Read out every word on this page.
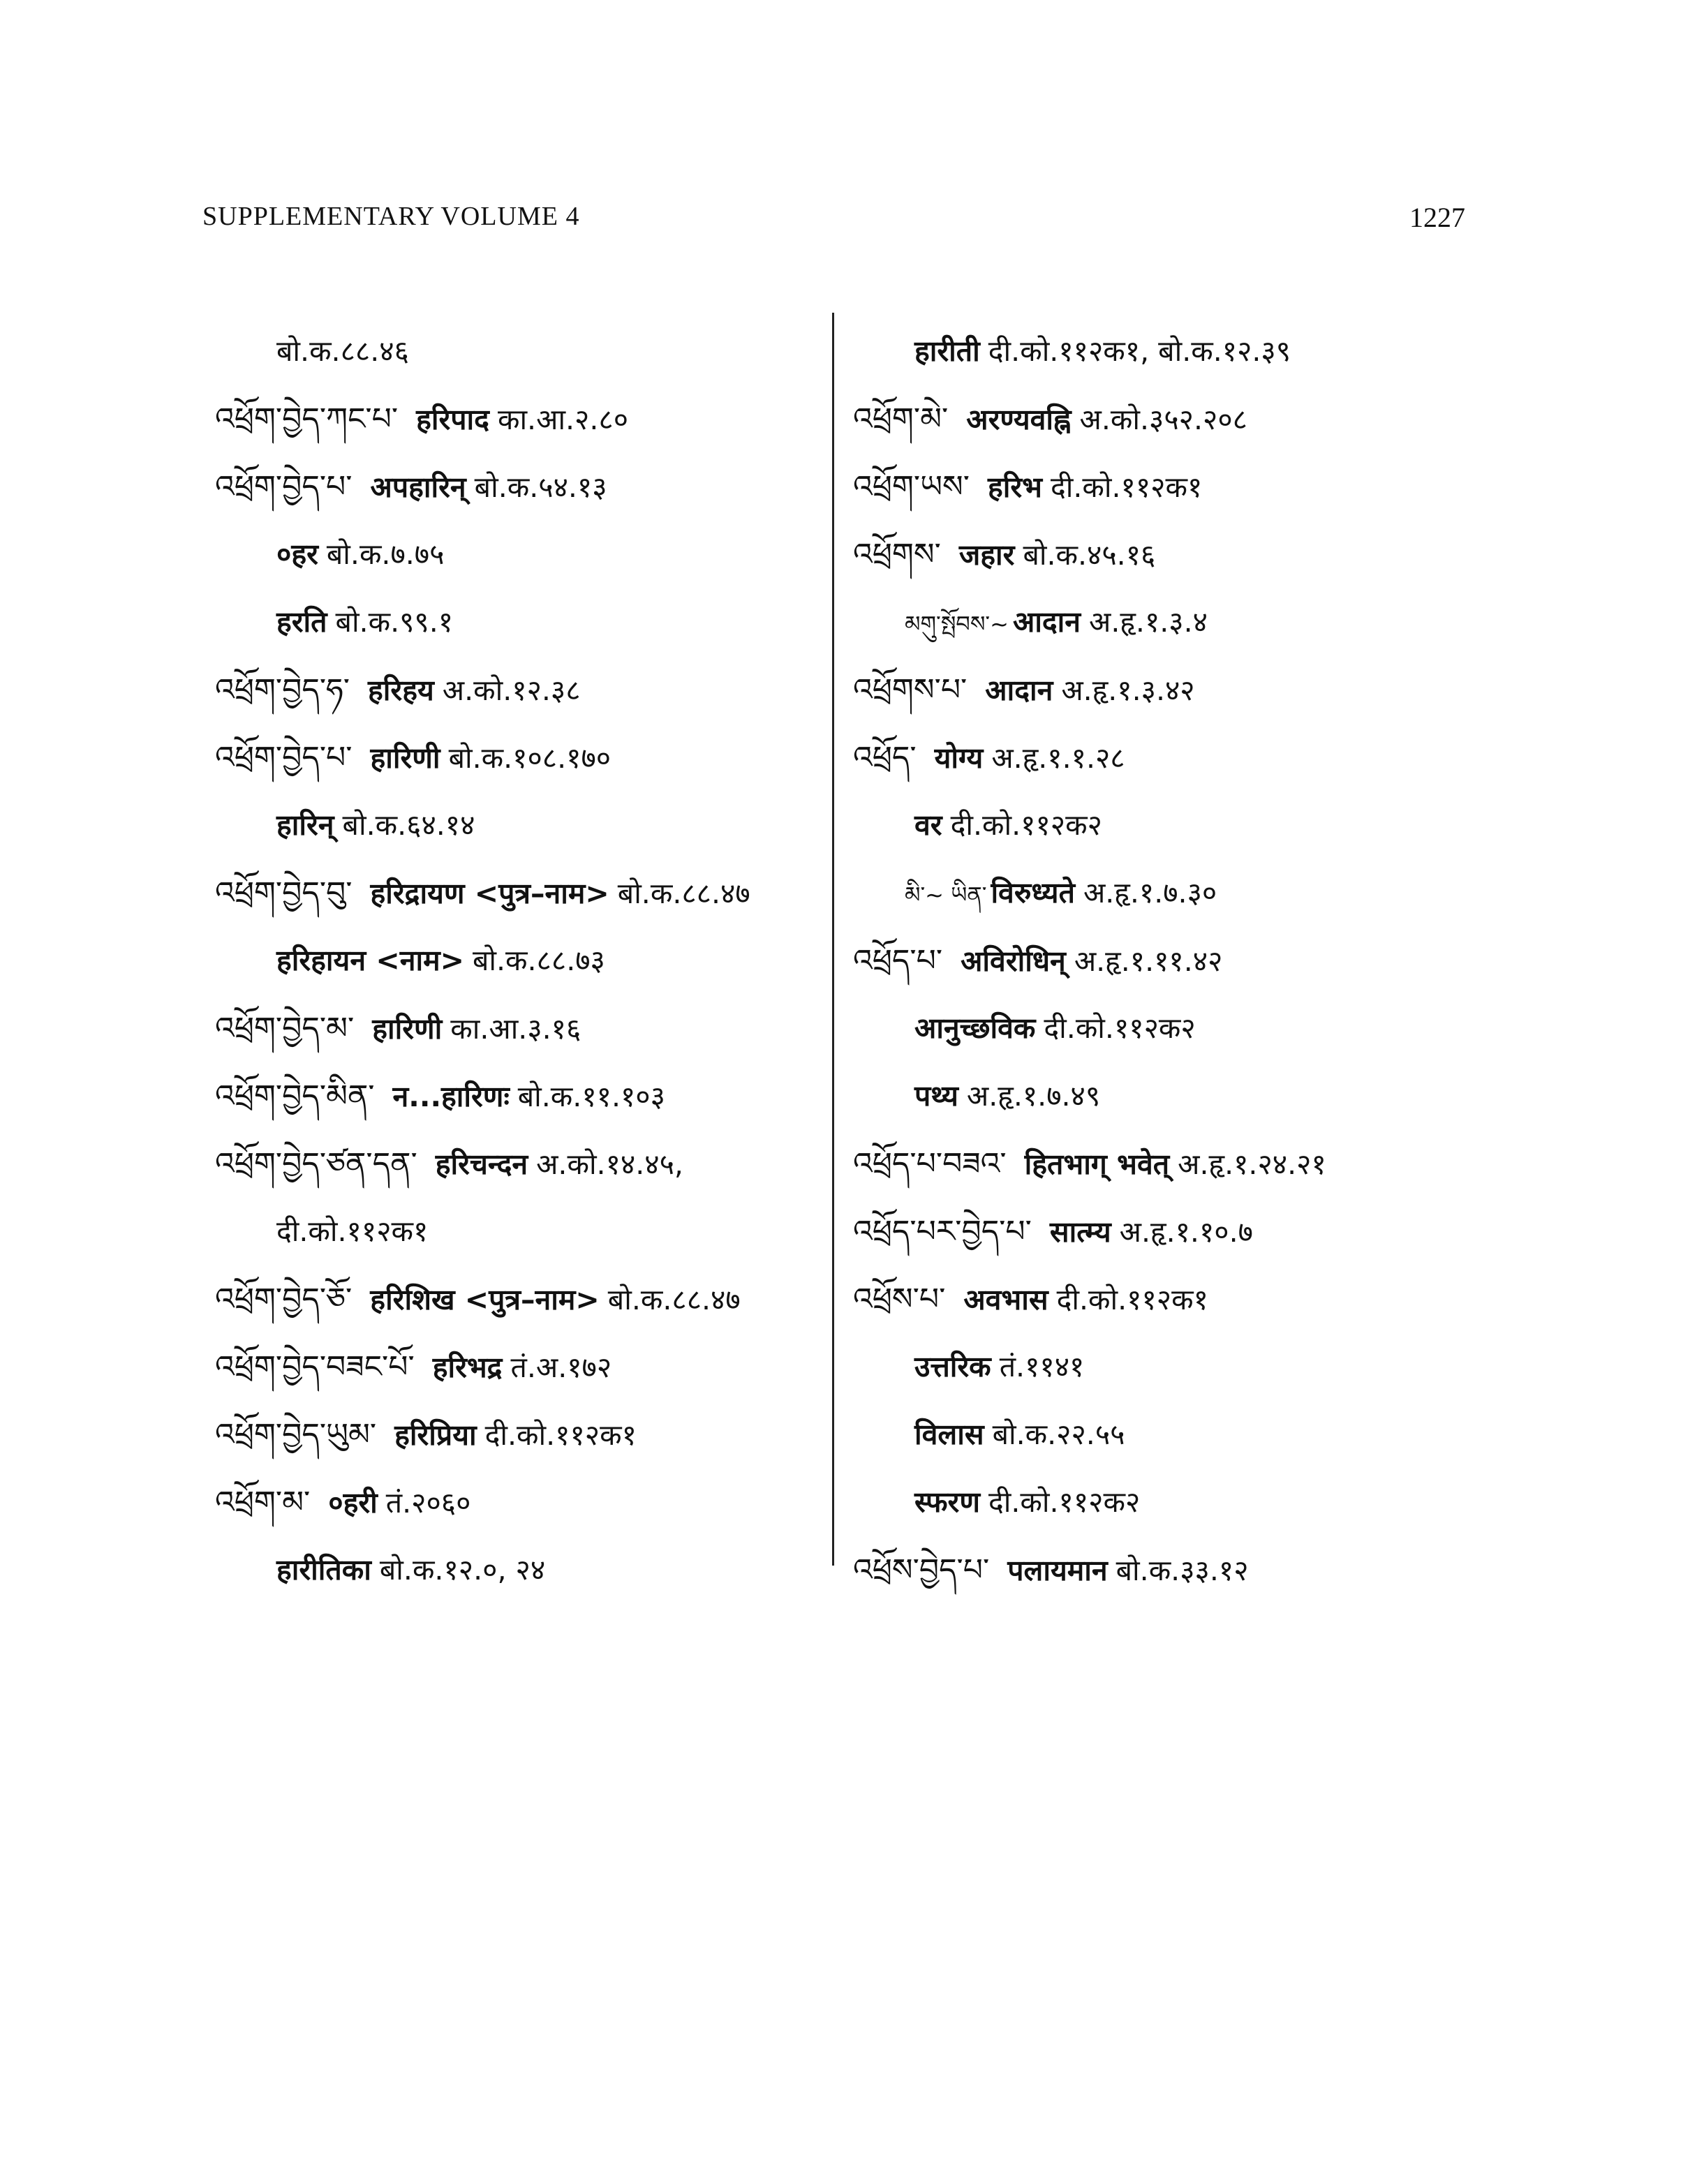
SUPPLEMENTARY VOLUME 4	1227
बो.क.८८.४६
འཕྲོག་བྱེད་ཀང་པ་ हरिपाद का.आ.२.८०
འཕྲོག་བྱེད་པ་ अपहारिन् बो.क.५४.१३
०हर बो.क.७.७५
हरति बो.क.९९.१
འཕྲོག་བྱེད་ཧ་ हरिहय अ.को.१२.३८
འཕྲོག་བྱེད་པ་ हारिणी बो.क.१०८.१७०
हारिन् बो.क.६४.१४
འཕྲོག་བྱེད་བུ་ हरिद्रायण <पुत्र–नाम> बो.क.८८.४७
हरिहायन <नाम> बो.क.८८.७३
འཕྲོག་བྱེད་མ་ हारिणी का.आ.३.१६
འཕྲོག་བྱེད་མིན་ न...हारिणः बो.क.११.१०३
འཕྲོག་བྱེད་ཙན་དན་ हरिचन्दन अ.को.१४.४५,
दी.को.११२क१
འཕྲོག་བྱེད་ཅོ་ हरिशिख <पुत्र–नाम> बो.क.८८.४७
འཕྲོག་བྱེད་བཟང་པོ་ हरिभद्र तं.अ.१७२
འཕྲོག་བྱེད་ཡུམ་ हरिप्रिया दी.को.११२क१
འཕྲོག་མ་ ०हरी तं.२०६०
हारीतिका बो.क.१२.०, २४
हारीती दी.को.११२क१, बो.क.१२.३९
འཕྲོག་མེ་ अरण्यवह्नि अ.को.३५२.२०८
འཕྲོག་ཡས་ हरिभ दी.को.११२क१
འཕྲོགས་ जहार बो.क.४५.१६
མགུ་སྤོབས་~ आदान अ.हृ.१.३.४
འཕྲོགས་པ་ आदान अ.हृ.१.३.४२
འཕྲོད་ योग्य अ.हृ.१.१.२८
वर दी.को.११२क२
མི་~ ཡིན་ विरुध्यते अ.हृ.१.७.३०
འཕྲོད་པ་ अविरोधिन् अ.हृ.१.११.४२
आनुच्छविक दी.को.११२क२
पथ्य अ.हृ.१.७.४९
འཕྲོད་པ་བཟའ་ हितभाग् भवेत् अ.हृ.१.२४.२१
འཕྲོད་པར་བྱེད་པ་ सात्म्य अ.हृ.१.१०.७
འཕྲོས་པ་ अवभास दी.को.११२क१
उत्तरिक तं.११४१
विलास बो.क.२२.५५
स्फरण दी.को.११२क२
འཕྲོས་བྱེད་པ་ पलायमान बो.क.३३.१२
